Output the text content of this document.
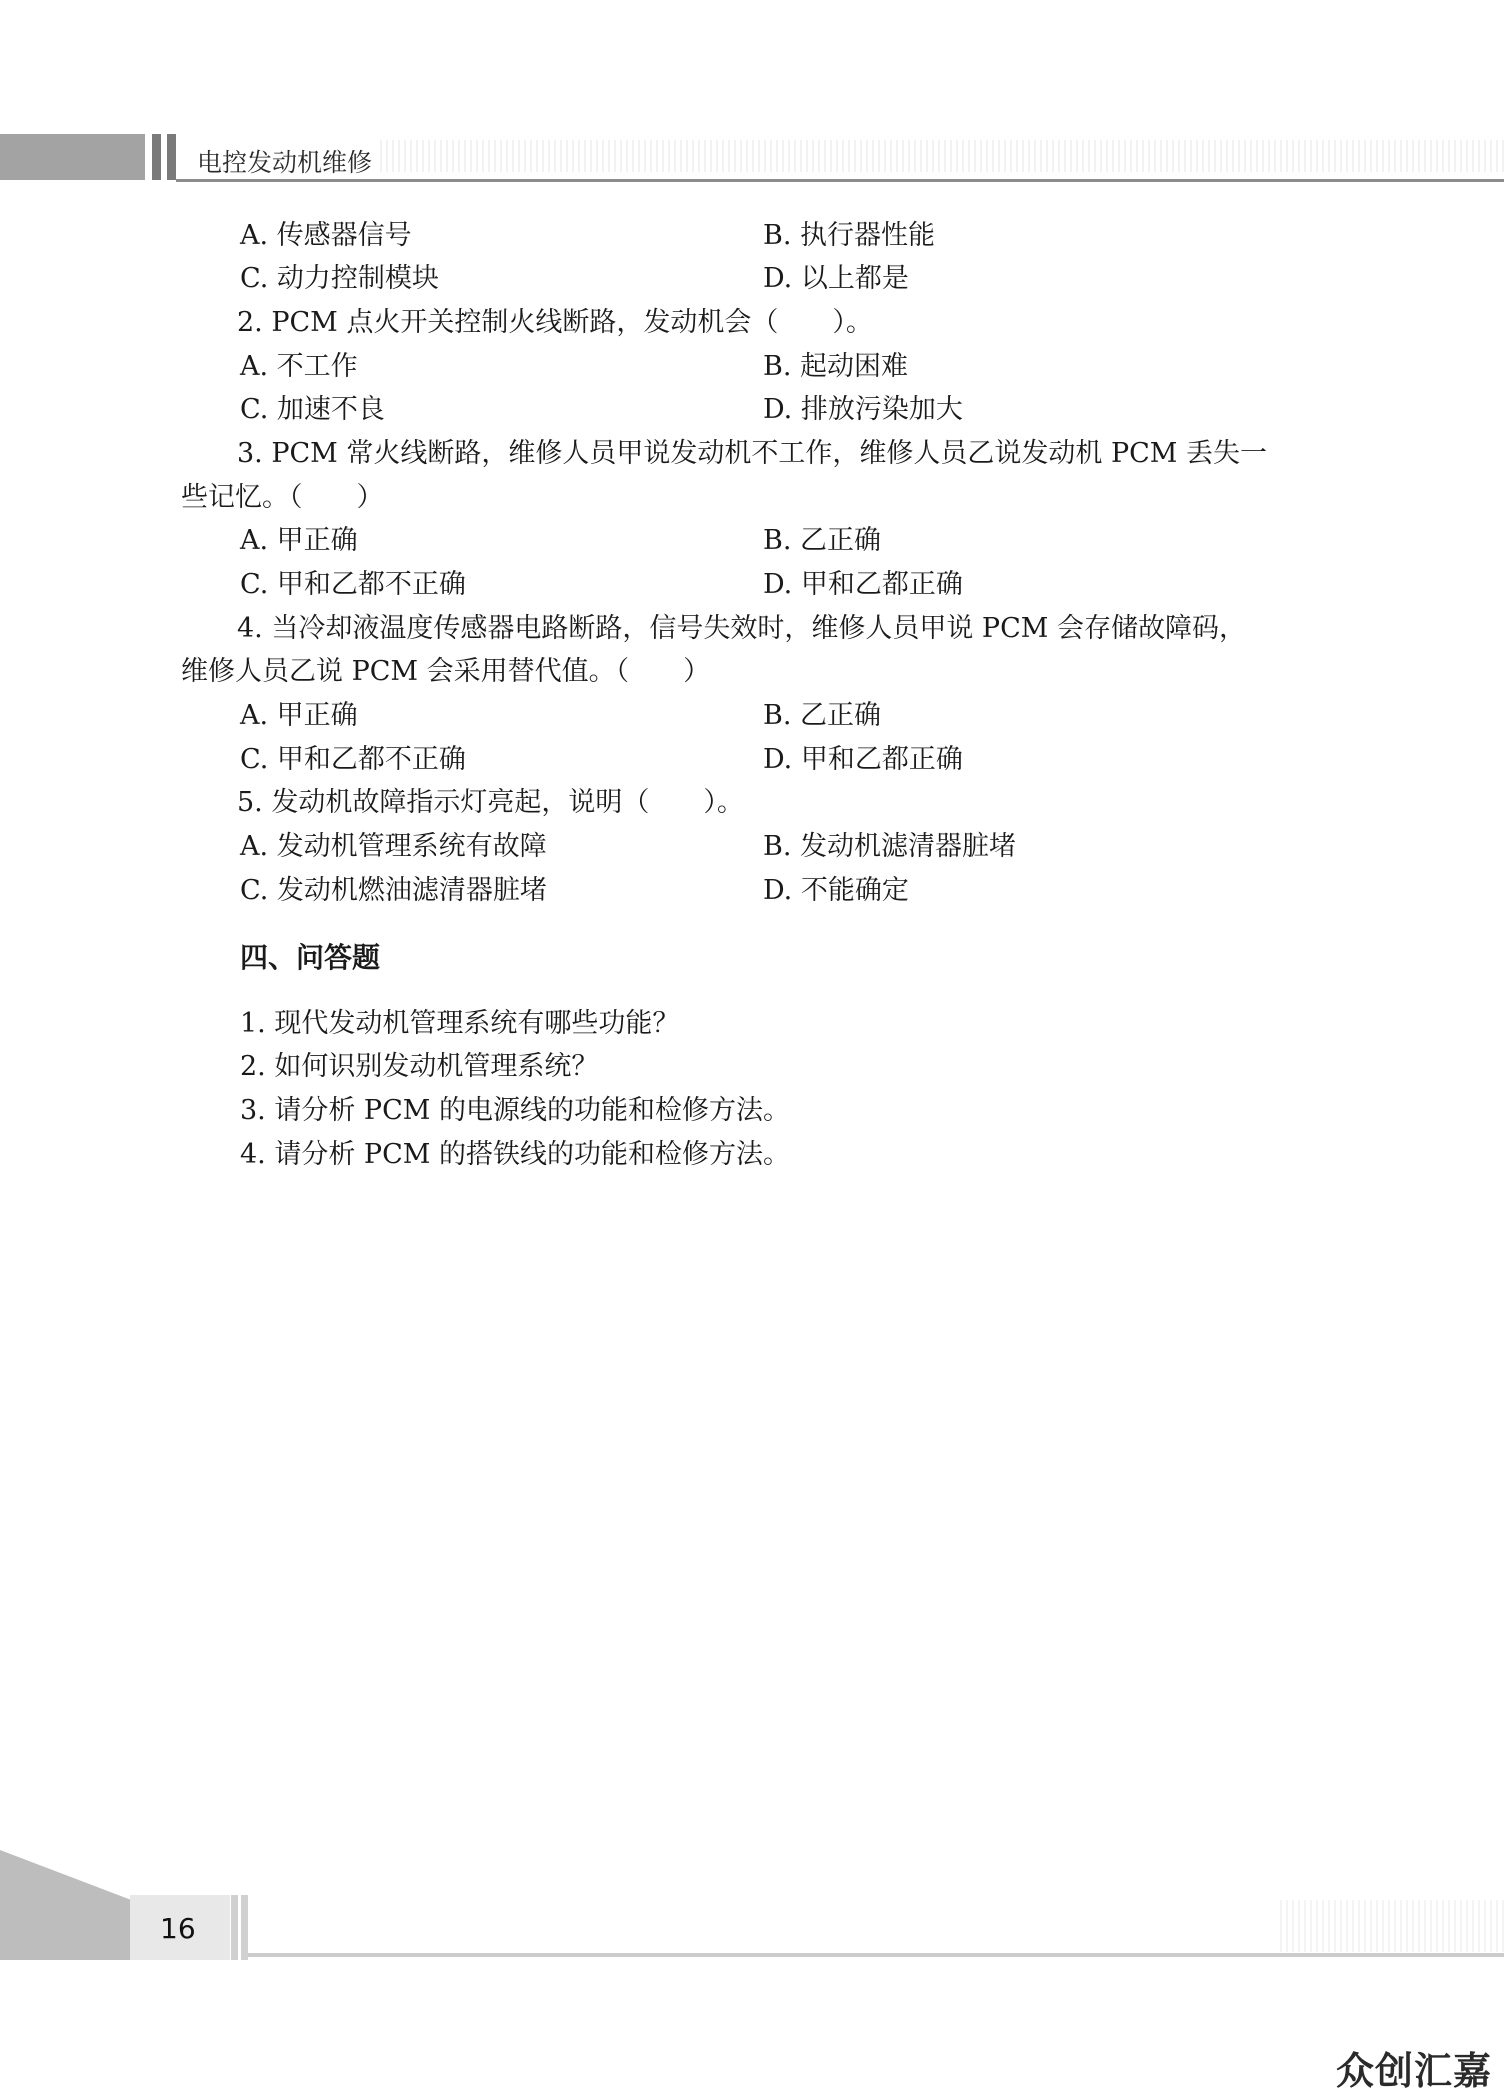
电控发动机维修
A. 传感器信号	B. 执行器性能
C. 动力控制模块	D. 以上都是
2. PCM 点火开关控制火线断路，发动机会（　　）。
A. 不工作	B. 起动困难
C. 加速不良	D. 排放污染加大
3. PCM 常火线断路，维修人员甲说发动机不工作，维修人员乙说发动机 PCM 丢失一
些记忆。（　　）
A. 甲正确	B. 乙正确
C. 甲和乙都不正确	D. 甲和乙都正确
4. 当冷却液温度传感器电路断路，信号失效时，维修人员甲说 PCM 会存储故障码，
维修人员乙说 PCM 会采用替代值。（　　）
A. 甲正确	B. 乙正确
C. 甲和乙都不正确	D. 甲和乙都正确
5. 发动机故障指示灯亮起，说明（　　）。
A. 发动机管理系统有故障	B. 发动机滤清器脏堵
C. 发动机燃油滤清器脏堵	D. 不能确定
四、问答题
1. 现代发动机管理系统有哪些功能？
2. 如何识别发动机管理系统？
3. 请分析 PCM 的电源线的功能和检修方法。
4. 请分析 PCM 的搭铁线的功能和检修方法。
16
众创汇嘉
